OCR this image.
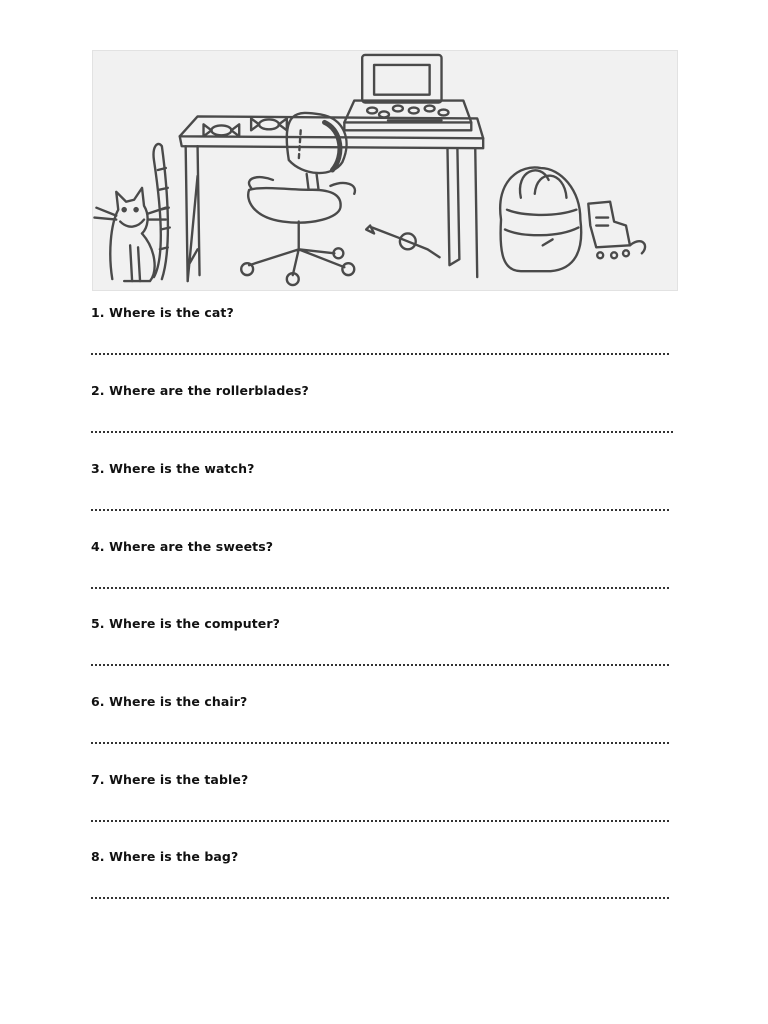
1. Where is the cat?
2. Where are the rollerblades?
3. Where is the watch?
4. Where are the sweets?
5. Where is the computer?
6. Where is the chair?
7. Where is the table?
8. Where is the bag?
